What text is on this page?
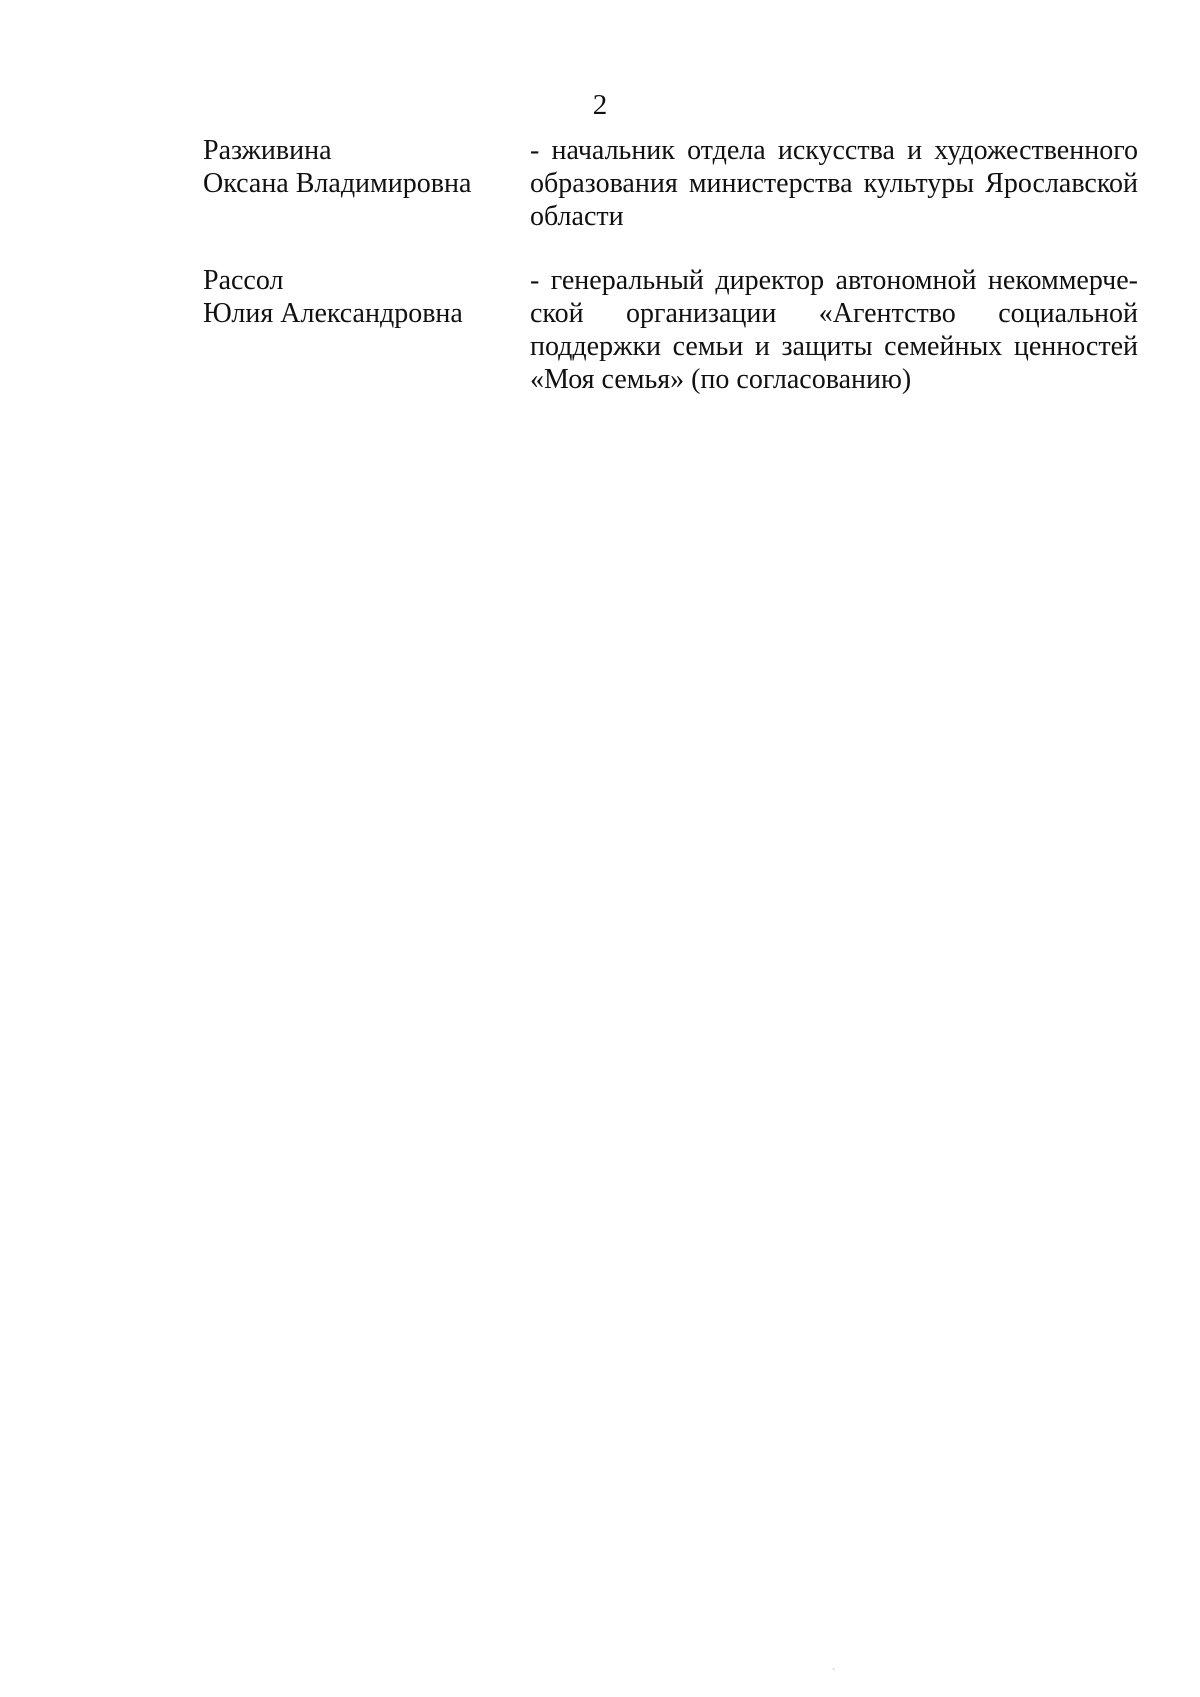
2
Разживина
Оксана Владимировна
- начальник отдела искусства и художественного
образования министерства культуры Ярославской
области
Рассол
Юлия Александровна
- генеральный директор автономной некоммерче-
ской организации «Агентство социальной
поддержки семьи и защиты семейных ценностей
«Моя семья» (по согласованию)
`
